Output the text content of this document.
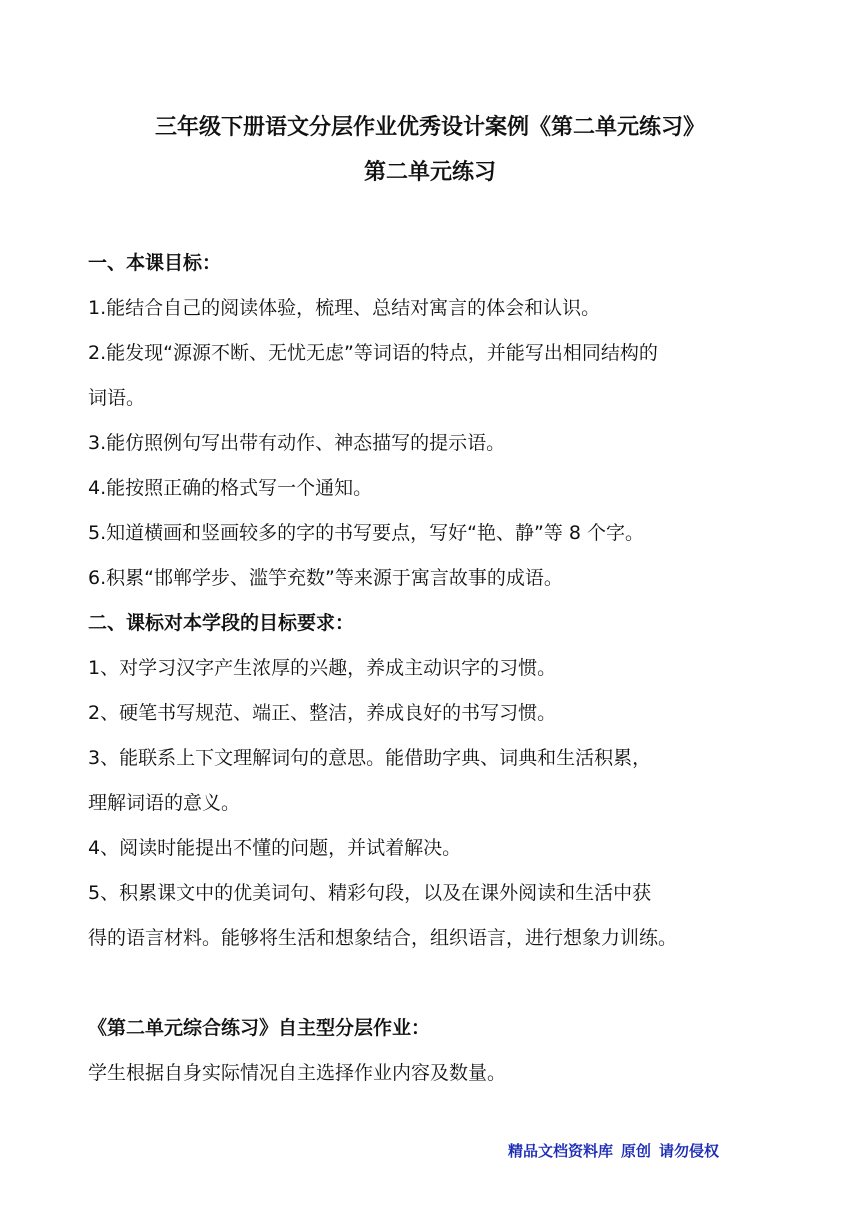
三年级下册语文分层作业优秀设计案例《第二单元练习》
第二单元练习
一、本课目标：
1.能结合自己的阅读体验，梳理、总结对寓言的体会和认识。
2.能发现“源源不断、无忧无虑”等词语的特点，并能写出相同结构的
词语。
3.能仿照例句写出带有动作、神态描写的提示语。
4.能按照正确的格式写一个通知。
5.知道横画和竖画较多的字的书写要点，写好“艳、静”等 8 个字。
6.积累“邯郸学步、滥竽充数”等来源于寓言故事的成语。
二、课标对本学段的目标要求：
1、对学习汉字产生浓厚的兴趣，养成主动识字的习惯。
2、硬笔书写规范、端正、整洁，养成良好的书写习惯。
3、能联系上下文理解词句的意思。能借助字典、词典和生活积累，
理解词语的意义。
4、阅读时能提出不懂的问题，并试着解决。
5、积累课文中的优美词句、精彩句段，以及在课外阅读和生活中获
得的语言材料。能够将生活和想象结合，组织语言，进行想象力训练。
《第二单元综合练习》自主型分层作业：
学生根据自身实际情况自主选择作业内容及数量。
精品文档资料库 原创 请勿侵权
